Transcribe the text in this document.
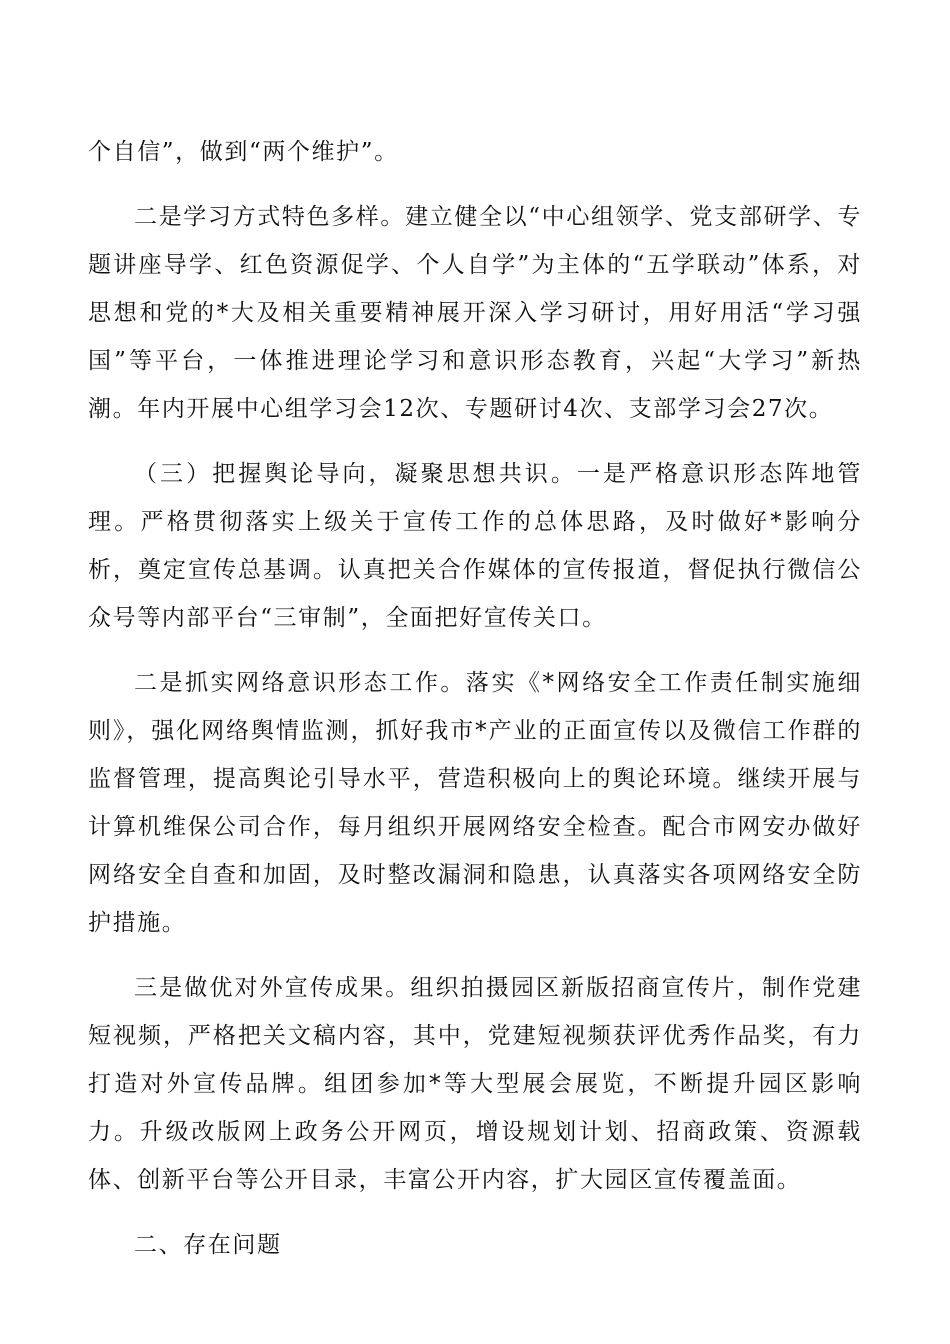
个自信”，做到“两个维护”。

二是学习方式特色多样。建立健全以“中心组领学、党支部研学、专题讲座导学、红色资源促学、个人自学”为主体的“五学联动”体系，对思想和党的*大及相关重要精神展开深入学习研讨，用好用活“学习强国”等平台，一体推进理论学习和意识形态教育，兴起“大学习”新热潮。年内开展中心组学习会12次、专题研讨4次、支部学习会27次。

（三）把握舆论导向，凝聚思想共识。一是严格意识形态阵地管理。严格贯彻落实上级关于宣传工作的总体思路，及时做好*影响分析，奠定宣传总基调。认真把关合作媒体的宣传报道，督促执行微信公众号等内部平台“三审制”，全面把好宣传关口。

二是抓实网络意识形态工作。落实《*网络安全工作责任制实施细则》，强化网络舆情监测，抓好我市*产业的正面宣传以及微信工作群的监督管理，提高舆论引导水平，营造积极向上的舆论环境。继续开展与计算机维保公司合作，每月组织开展网络安全检查。配合市网安办做好网络安全自查和加固，及时整改漏洞和隐患，认真落实各项网络安全防护措施。

三是做优对外宣传成果。组织拍摄园区新版招商宣传片，制作党建短视频，严格把关文稿内容，其中，党建短视频获评优秀作品奖，有力打造对外宣传品牌。组团参加*等大型展会展览，不断提升园区影响力。升级改版网上政务公开网页，增设规划计划、招商政策、资源载体、创新平台等公开目录，丰富公开内容，扩大园区宣传覆盖面。

二、存在问题
